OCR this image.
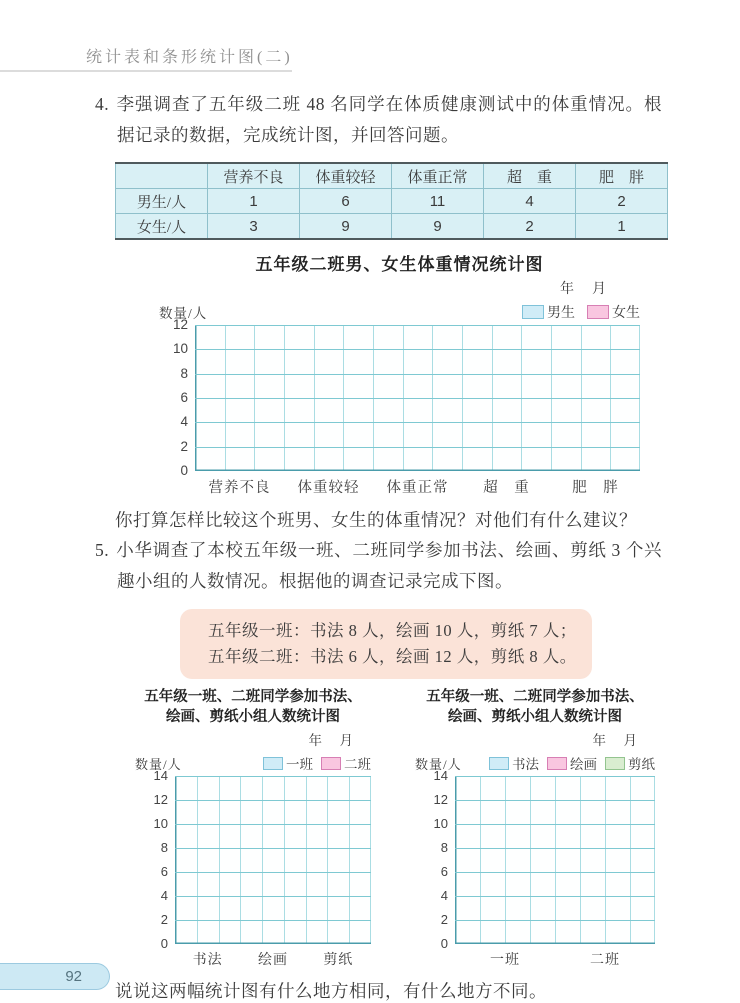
统计表和条形统计图(二)

4. 李强调查了五年级二班 48 名同学在体质健康测试中的体重情况。根据记录的数据，完成统计图，并回答问题。

	营养不良	体重较轻	体重正常	超　重	肥　胖
男生/人	1	6	11	4	2
女生/人	3	9	9	2	1
五年级二班男、女生体重情况统计图
年　月
数量/人	男生	女生
12
10
8
6
4
2
0
营养不良	体重较轻	体重正常	超　重	肥　胖

你打算怎样比较这个班男、女生的体重情况？对他们有什么建议？

5. 小华调查了本校五年级一班、二班同学参加书法、绘画、剪纸 3 个兴趣小组的人数情况。根据他的调查记录完成下图。

五年级一班：书法 8 人，绘画 10 人，剪纸 7 人；
五年级二班：书法 6 人，绘画 12 人，剪纸 8 人。
五年级一班、二班同学参加书法、
绘画、剪纸小组人数统计图
年　月
数量/人	一班 二班
14
12
10
8
6
4
2
0
书法	绘画	剪纸
五年级一班、二班同学参加书法、
绘画、剪纸小组人数统计图
年　月
数量/人	书法 绘画 剪纸
14
12
10
8
6
4
2
0
一班	二班

说说这两幅统计图有什么地方相同，有什么地方不同。

92
